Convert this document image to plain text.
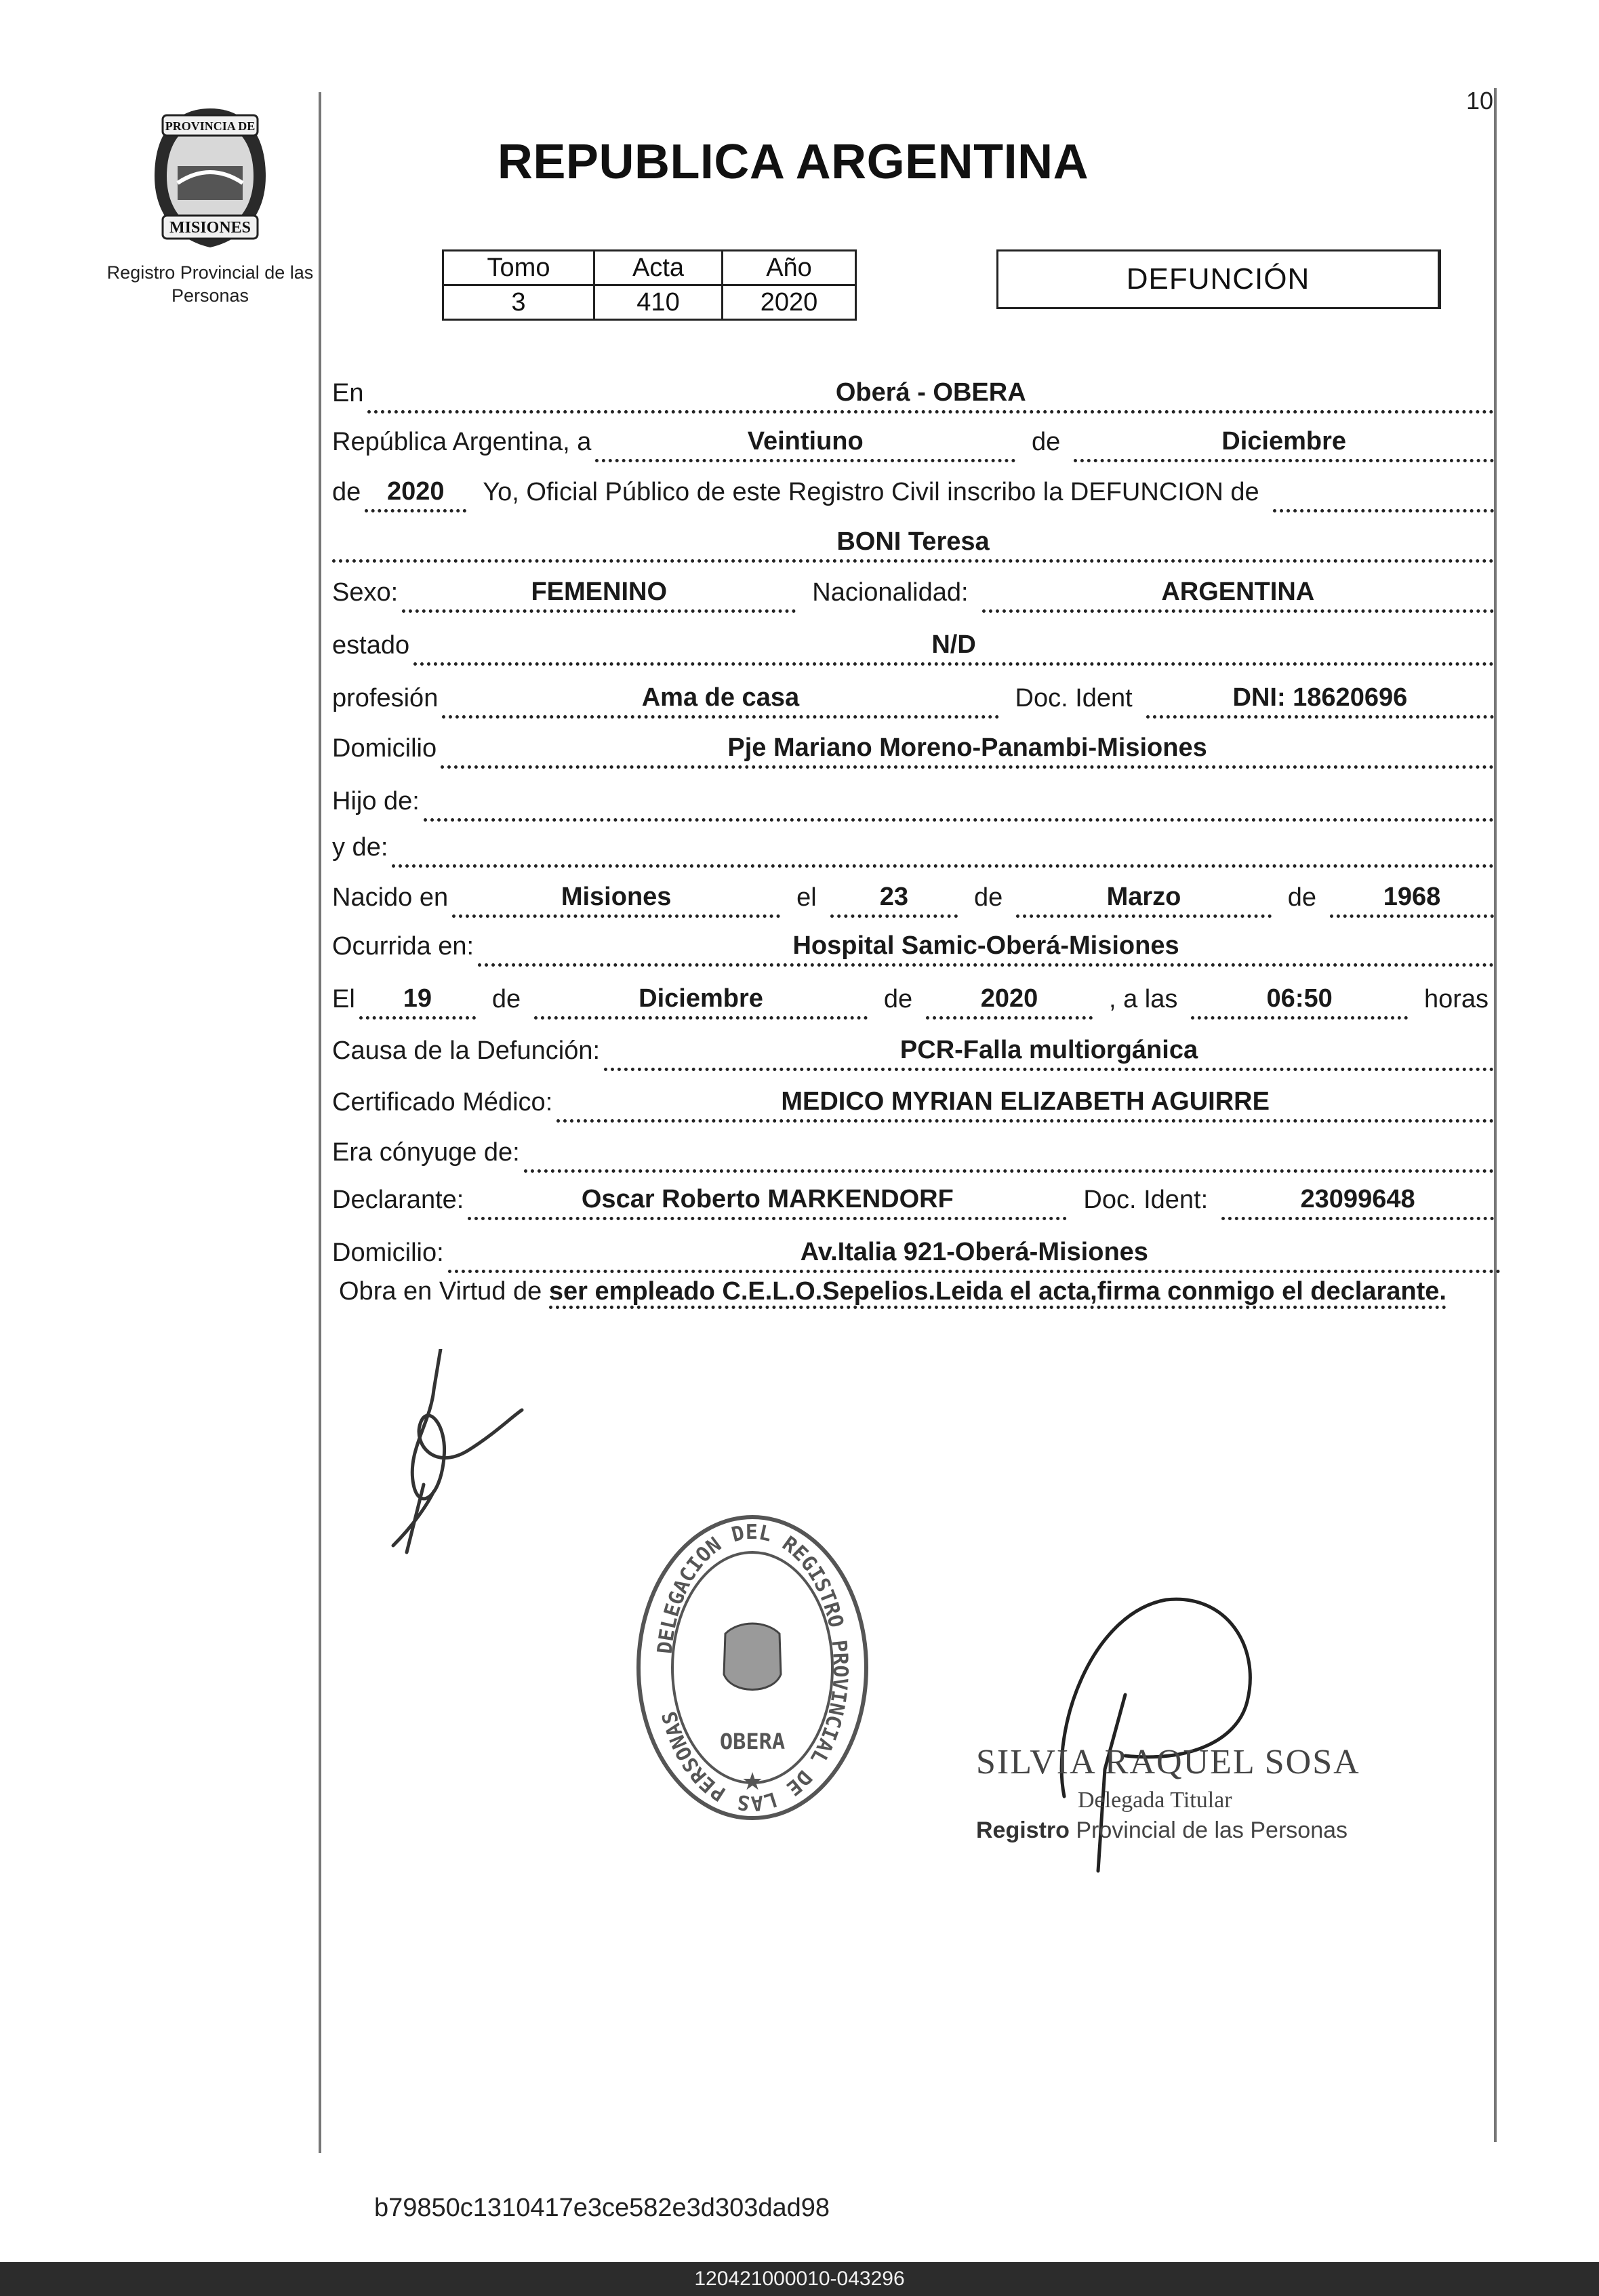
PROVINCIA DE
MISIONES
Registro Provincial de las Personas
10
REPUBLICA ARGENTINA
Tomo	Acta	Año
3	410	2020
DEFUNCIÓN
En	Oberá - OBERA
República Argentina, a	Veintiuno	de	Diciembre
de	2020	Yo, Oficial Público de este Registro Civil inscribo la DEFUNCION de
BONI Teresa
Sexo:	FEMENINO	Nacionalidad:	ARGENTINA
estado	N/D
profesión	Ama de casa	Doc. Ident	DNI: 18620696
Domicilio	Pje Mariano Moreno-Panambi-Misiones
Hijo de:
y de:
Nacido en	Misiones	el	23	de	Marzo	de	1968
Ocurrida en:	Hospital Samic-Oberá-Misiones
El	19	de	Diciembre	de	2020	, a las	06:50	horas
Causa de la Defunción:	PCR-Falla multiorgánica
Certificado Médico:	MEDICO MYRIAN ELIZABETH AGUIRRE
Era cónyuge de:
Declarante:	Oscar Roberto MARKENDORF	Doc. Ident:	23099648
Domicilio:	Av.Italia 921-Oberá-Misiones
Obra en Virtud de ser empleado C.E.L.O.Sepelios.Leida el acta,firma conmigo el declarante.
DELEGACION DEL REGISTRO PROVINCIAL DE LAS PERSONAS
OBERA
★	SILVIA RAQUEL SOSA
Delegada Titular
Registro Provincial de las Personas
b79850c1310417e3ce582e3d303dad98
120421000010-043296
